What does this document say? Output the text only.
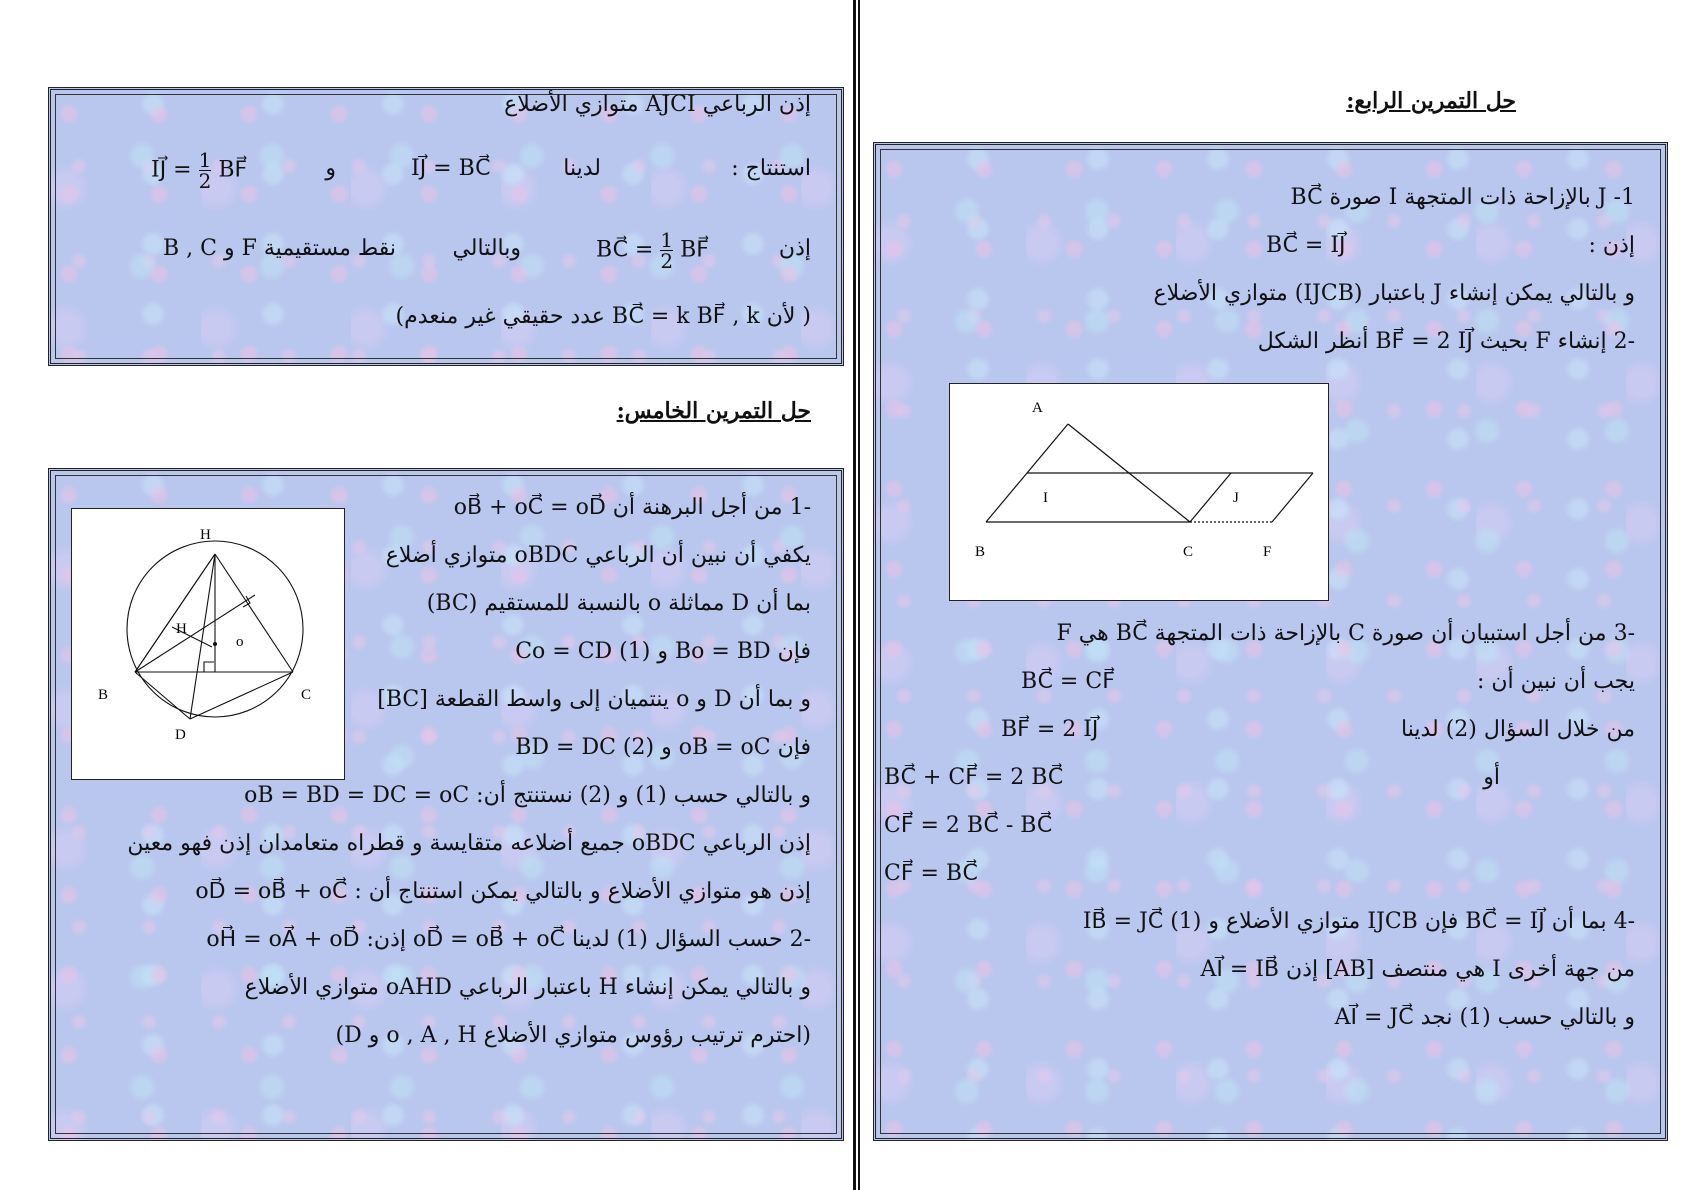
حل التمرين الرابع:
BC⃗ صورة I بالإزاحة ذات المتجهة J -1
إذن :
BC⃗ = IJ⃗
و بالتالي يمكن إنشاء J باعتبار (IJCB) متوازي الأضلاع
-2 إنشاء F بحيث BF⃗ = 2 IJ⃗ أنظر الشكل
A
I	J
B	C	F
-3 من أجل استبيان أن صورة C بالإزاحة ذات المتجهة BC⃗ هي F
يجب أن نبين أن :
BC⃗ = CF⃗
من خلال السؤال (2) لدينا
BF⃗ = 2 IJ⃗
أو
BC⃗ + CF⃗ = 2 BC⃗
CF⃗ = 2 BC⃗ - BC⃗
CF⃗ = BC⃗
-4 بما أن BC⃗ = IJ⃗ فإن IJCB متوازي الأضلاع و IB⃗ = JC⃗ (1)
من جهة أخرى I هي منتصف [AB] إذن AI⃗ = IB⃗
و بالتالي حسب (1) نجد AI⃗ = JC⃗
إذن الرباعي AJCI متوازي الأضلاع
استنتاج :
لدينا
IJ⃗ = BC⃗
و
IJ⃗ = $\frac{1}{2}$ BF⃗
إذن
BC⃗ = $\frac{1}{2}$ BF⃗
وبالتالي
B , C و F نقط مستقيمية
( لأن BC⃗ = k BF⃗ , k عدد حقيقي غير منعدم)
حل التمرين الخامس:
H
H
o
B	C
D
-1 من أجل البرهنة أن oB⃗ + oC⃗ = oD⃗
يكفي أن نبين أن الرباعي oBDC متوازي أضلاع
بما أن D مماثلة o بالنسبة للمستقيم (BC)
فإن Bo = BD و Co = CD (1)
و بما أن D و o ينتميان إلى واسط القطعة [BC]
فإن oB = oC و BD = DC (2)
و بالتالي حسب (1) و (2) نستنتج أن: oB = BD = DC = oC
إذن الرباعي oBDC جميع أضلاعه متقايسة و قطراه متعامدان إذن فهو معين
إذن هو متوازي الأضلاع و بالتالي يمكن استنتاج أن : oD⃗ = oB⃗ + oC⃗
-2 حسب السؤال (1) لدينا oD⃗ = oB⃗ + oC⃗ إذن: oH⃗ = oA⃗ + oD⃗
و بالتالي يمكن إنشاء H باعتبار الرباعي oAHD متوازي الأضلاع
(احترم ترتيب رؤوس متوازي الأضلاع o , A , H و D)
